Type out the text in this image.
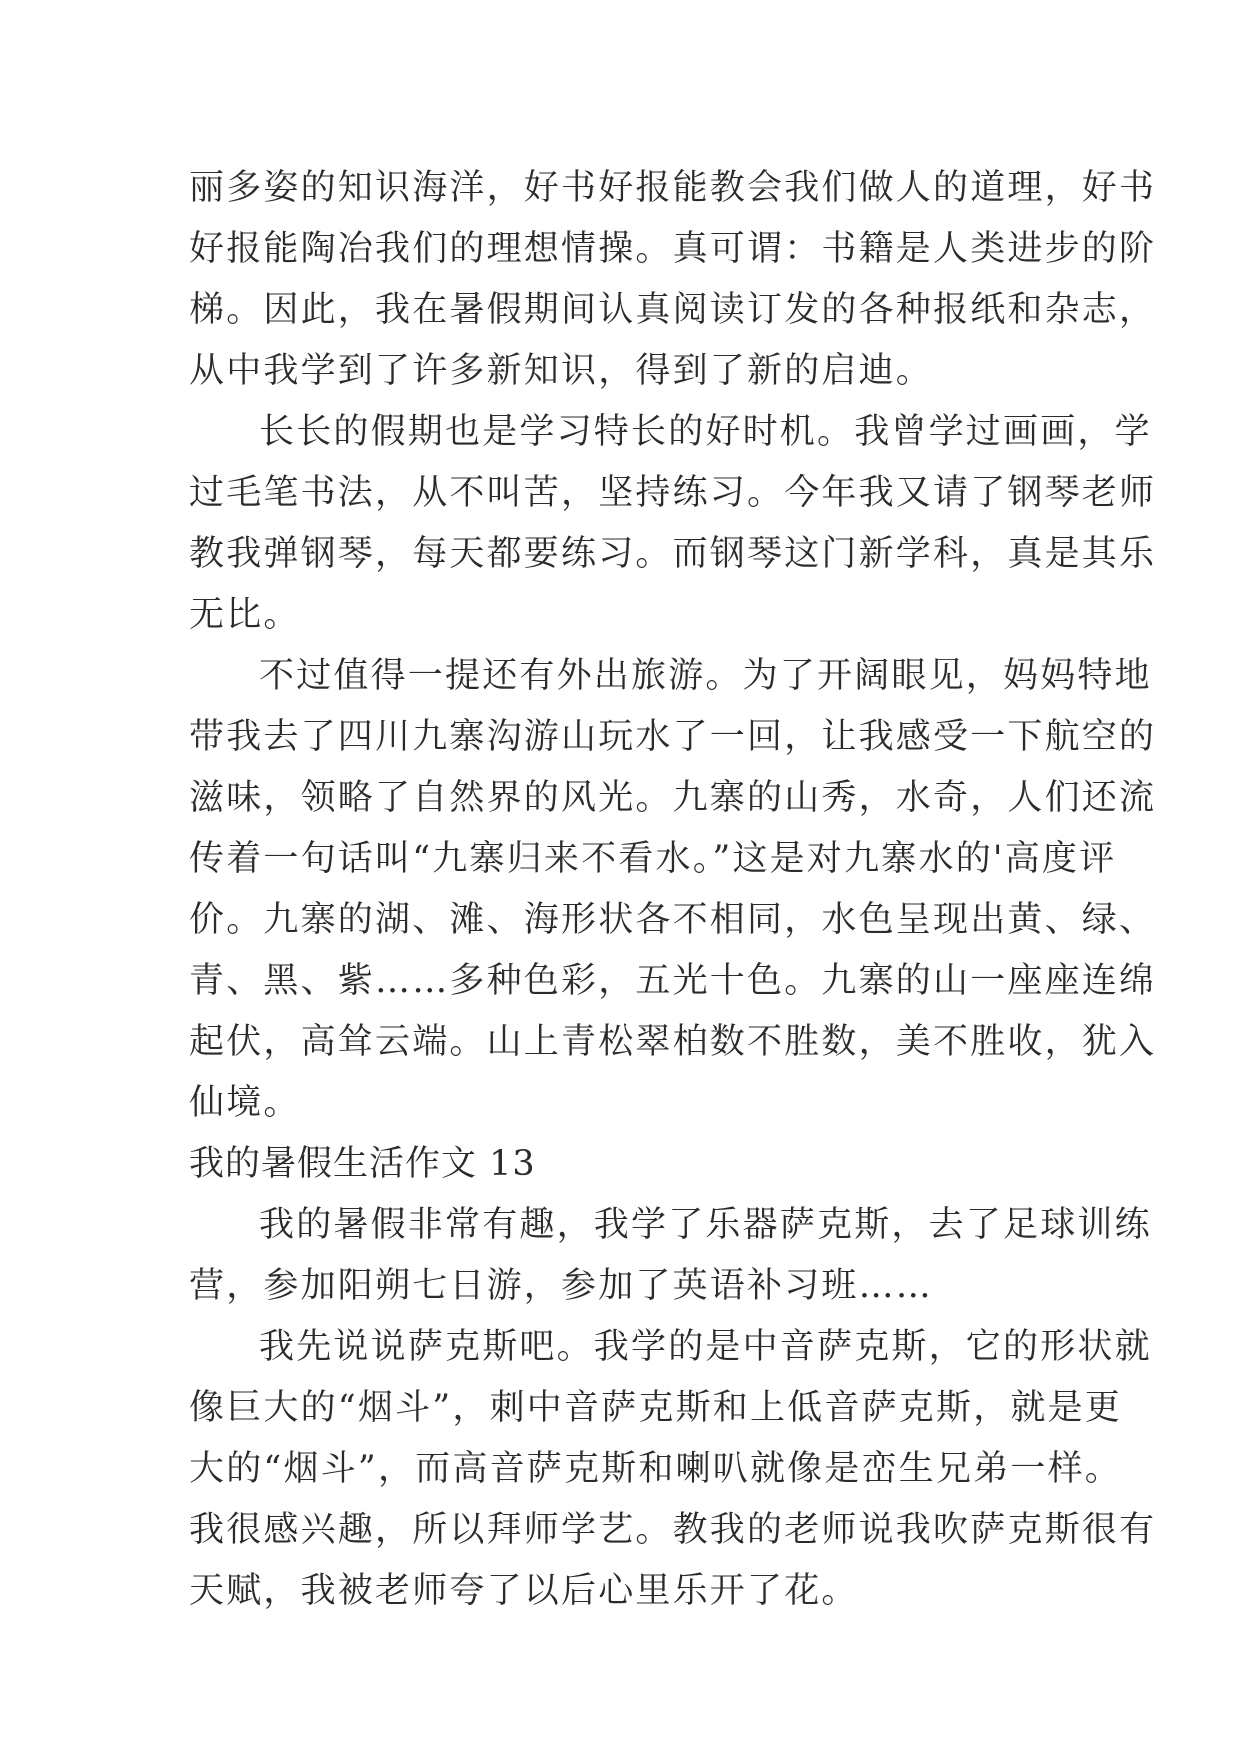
丽多姿的知识海洋，好书好报能教会我们做人的道理，好书
好报能陶冶我们的理想情操。真可谓：书籍是人类进步的阶
梯。因此，我在暑假期间认真阅读订发的各种报纸和杂志，
从中我学到了许多新知识，得到了新的启迪。
长长的假期也是学习特长的好时机。我曾学过画画，学
过毛笔书法，从不叫苦，坚持练习。今年我又请了钢琴老师
教我弹钢琴，每天都要练习。而钢琴这门新学科，真是其乐
无比。
不过值得一提还有外出旅游。为了开阔眼见，妈妈特地
带我去了四川九寨沟游山玩水了一回，让我感受一下航空的
滋味，领略了自然界的风光。九寨的山秀，水奇，人们还流
传着一句话叫“九寨归来不看水。”这是对九寨水的'高度评
价。九寨的湖、滩、海形状各不相同，水色呈现出黄、绿、
青、黑、紫……多种色彩，五光十色。九寨的山一座座连绵
起伏，高耸云端。山上青松翠柏数不胜数，美不胜收，犹入
仙境。
我的暑假生活作文 13
我的暑假非常有趣，我学了乐器萨克斯，去了足球训练
营，参加阳朔七日游，参加了英语补习班……
我先说说萨克斯吧。我学的是中音萨克斯，它的形状就
像巨大的“烟斗”，刺中音萨克斯和上低音萨克斯，就是更
大的“烟斗”，而高音萨克斯和喇叭就像是峦生兄弟一样。
我很感兴趣，所以拜师学艺。教我的老师说我吹萨克斯很有
天赋，我被老师夸了以后心里乐开了花。
